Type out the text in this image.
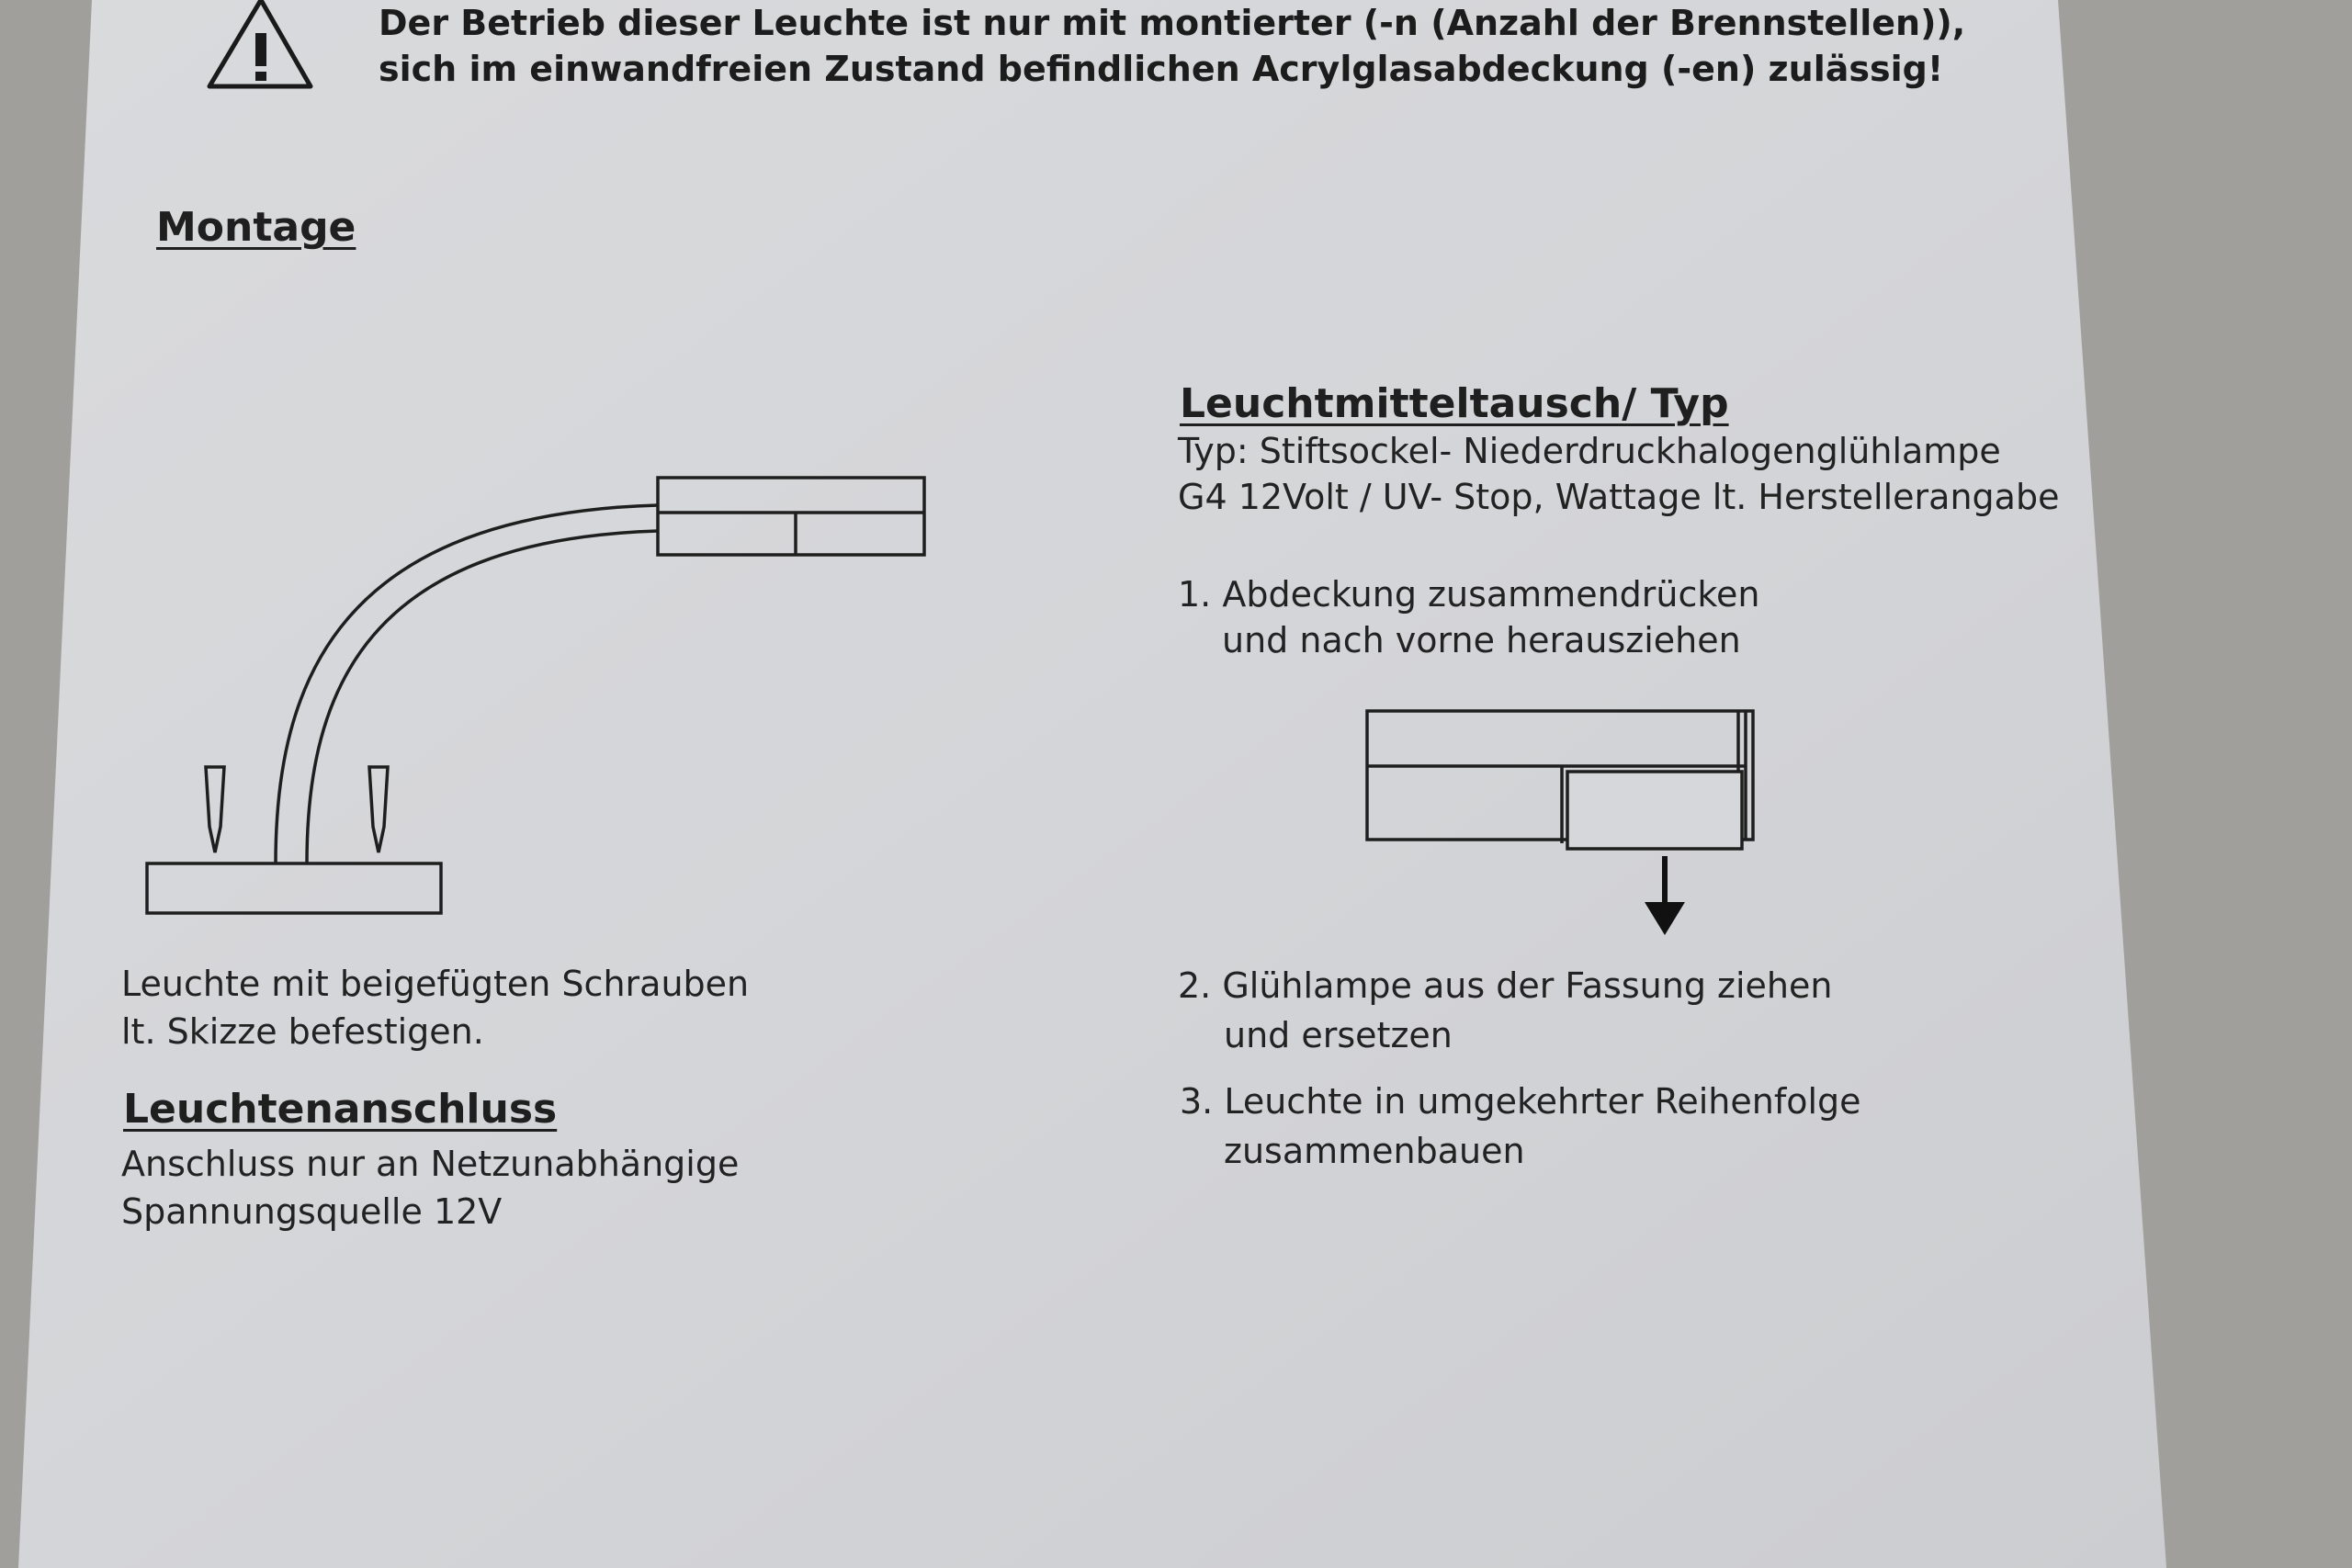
Der Betrieb dieser Leuchte ist nur mit montierter (-n (Anzahl der Brennstellen)),

sich im einwandfreien Zustand befindlichen Acrylglasabdeckung (-en) zulässig!

Montage

Leuchte mit beigefügten Schrauben

lt. Skizze befestigen.

Leuchtenanschluss

Anschluss nur an Netzunabhängige

Spannungsquelle 12V

Leuchtmitteltausch/ Typ

Typ: Stiftsockel- Niederdruckhalogenglühlampe

G4 12Volt / UV- Stop, Wattage lt. Herstellerangabe

1. Abdeckung zusammendrücken

und nach vorne herausziehen

2. Glühlampe aus der Fassung ziehen

und ersetzen

3. Leuchte in umgekehrter Reihenfolge

zusammenbauen
